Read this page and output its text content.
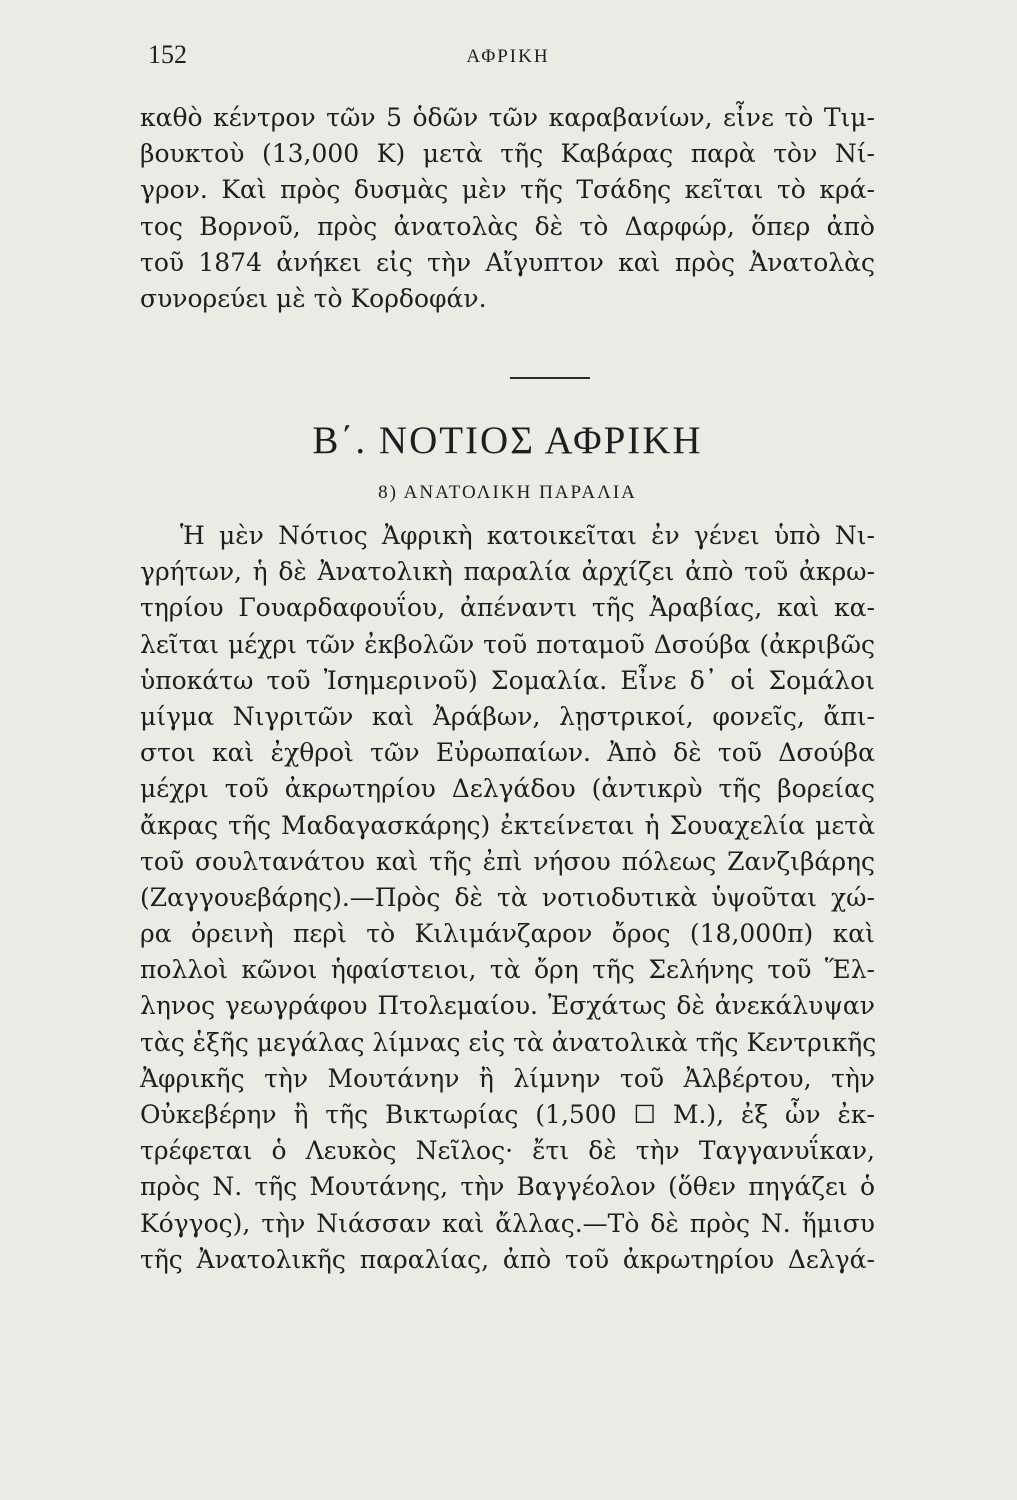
152	ΑΦΡΙΚΗ
καθὸ κέντρον τῶν 5 ὁδῶν τῶν καραβανίων, εἶνε τὸ Τιμ-
βουκτοὺ (13,000 Κ) μετὰ τῆς Καβάρας παρὰ τὸν Νί-
γρον. Καὶ πρὸς δυσμὰς μὲν τῆς Τσάδης κεῖται τὸ κρά-
τος Βορνοῦ, πρὸς ἀνατολὰς δὲ τὸ Δαρφώρ, ὅπερ ἀπὸ
τοῦ 1874 ἀνήκει εἰς τὴν Αἴγυπτον καὶ πρὸς Ἀνατολὰς
συνορεύει μὲ τὸ Κορδοφάν.
Β΄. ΝΟΤΙΟΣ ΑΦΡΙΚΗ
8) ΑΝΑΤΟΛΙΚΗ ΠΑΡΑΛΙΑ
Ἡ μὲν Νότιος Ἀφρικὴ κατοικεῖται ἐν γένει ὑπὸ Νι-
γρήτων, ἡ δὲ Ἀνατολικὴ παραλία ἀρχίζει ἀπὸ τοῦ ἀκρω-
τηρίου Γουαρδαφουΐου, ἀπέναντι τῆς Ἀραβίας, καὶ κα-
λεῖται μέχρι τῶν ἐκβολῶν τοῦ ποταμοῦ Δσούβα (ἀκριβῶς
ὑποκάτω τοῦ Ἰσημερινοῦ) Σομαλία. Εἶνε δ᾽ οἱ Σομάλοι
μίγμα Νιγριτῶν καὶ Ἀράβων, λῃστρικοί, φονεῖς, ἄπι-
στοι καὶ ἐχθροὶ τῶν Εὐρωπαίων. Ἀπὸ δὲ τοῦ Δσούβα
μέχρι τοῦ ἀκρωτηρίου Δελγάδου (ἀντικρὺ τῆς βορείας
ἄκρας τῆς Μαδαγασκάρης) ἐκτείνεται ἡ Σουαχελία μετὰ
τοῦ σουλτανάτου καὶ τῆς ἐπὶ νήσου πόλεως Ζανζιβάρης
(Ζαγγουεβάρης).—Πρὸς δὲ τὰ νοτιοδυτικὰ ὑψοῦται χώ-
ρα ὀρεινὴ περὶ τὸ Κιλιμάνζαρον ὄρος (18,000π) καὶ
πολλοὶ κῶνοι ἡφαίστειοι, τὰ ὄρη τῆς Σελήνης τοῦ Ἕλ-
ληνος γεωγράφου Πτολεμαίου. Ἐσχάτως δὲ ἀνεκάλυψαν
τὰς ἑξῆς μεγάλας λίμνας εἰς τὰ ἀνατολικὰ τῆς Κεντρικῆς
Ἀφρικῆς τὴν Μουτάνην ἢ λίμνην τοῦ Ἀλβέρτου, τὴν
Οὐκεβέρην ἢ τῆς Βικτωρίας (1,500 ☐ Μ.), ἐξ ὧν ἐκ-
τρέφεται ὁ Λευκὸς Νεῖλος· ἔτι δὲ τὴν Ταγγανυΐκαν,
πρὸς Ν. τῆς Μουτάνης, τὴν Βαγγέολον (ὅθεν πηγάζει ὁ
Κόγγος), τὴν Νιάσσαν καὶ ἄλλας.—Τὸ δὲ πρὸς Ν. ἥμισυ
τῆς Ἀνατολικῆς παραλίας, ἀπὸ τοῦ ἀκρωτηρίου Δελγά-
